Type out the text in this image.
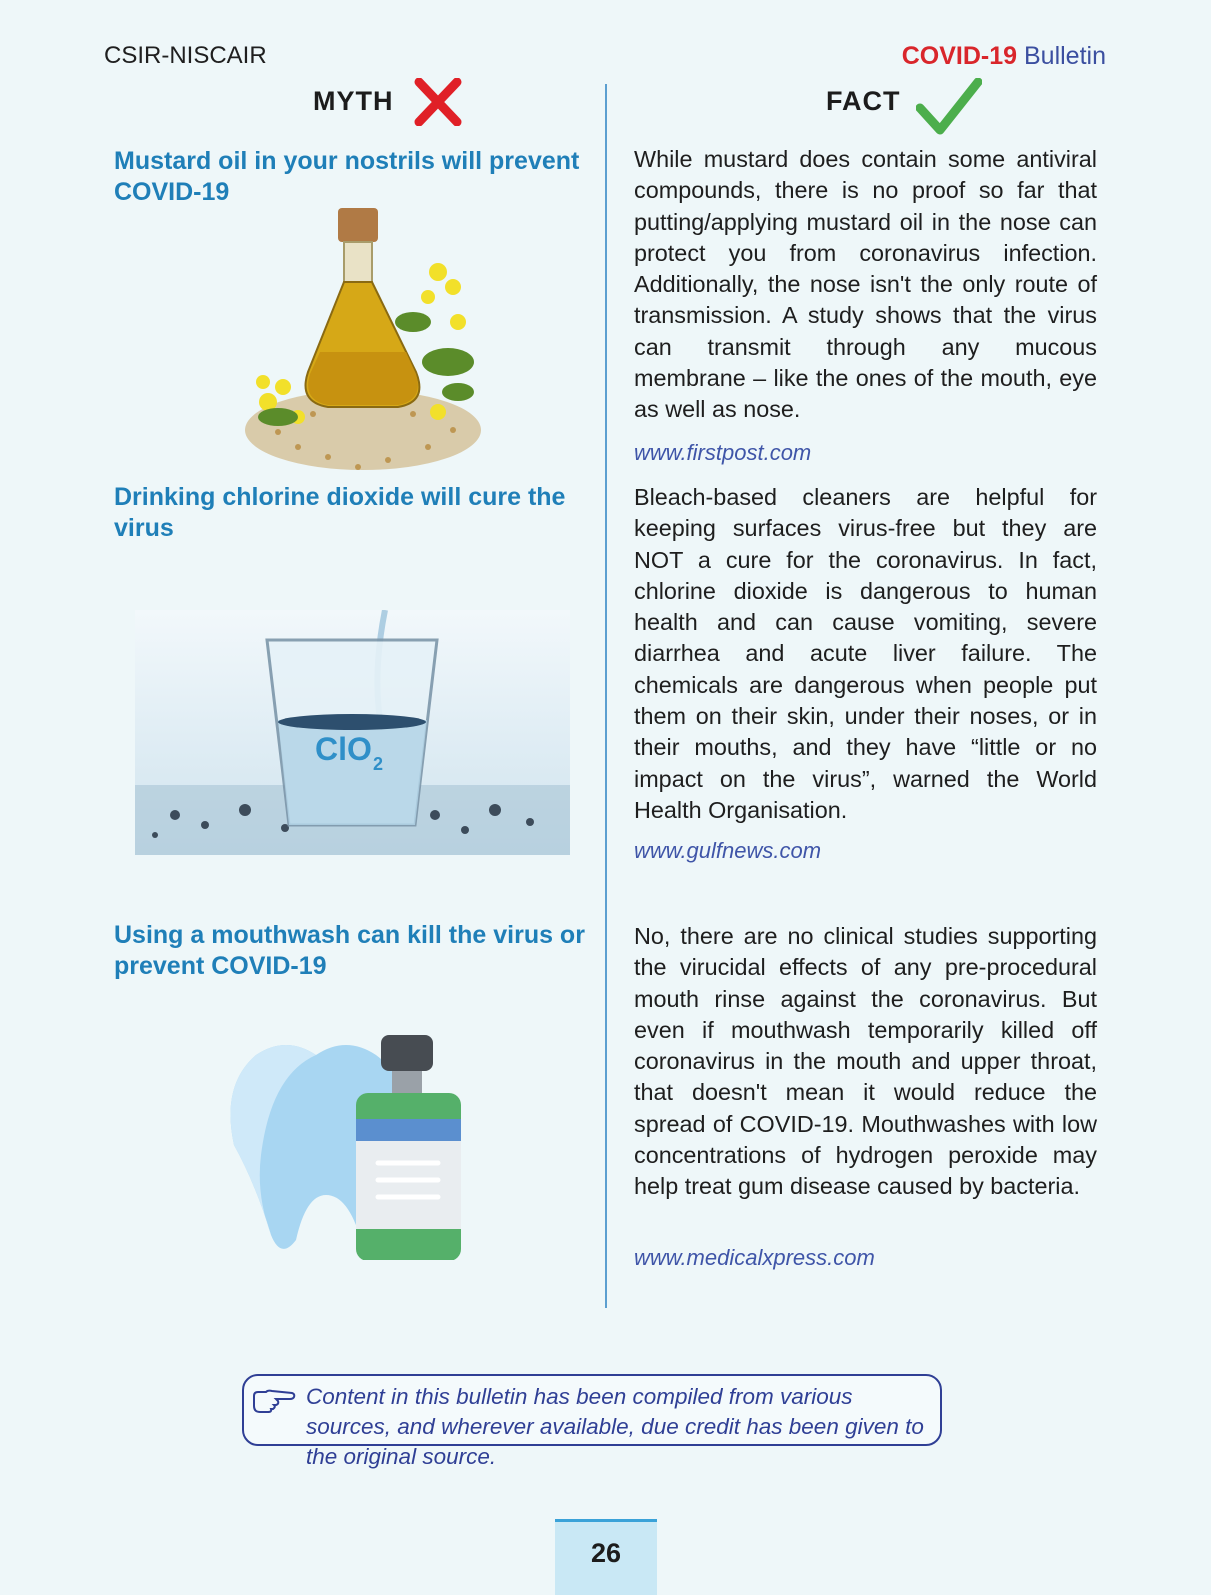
CSIR-NISCAIR	COVID-19 Bulletin
MYTH	FACT
Mustard oil in your nostrils will prevent COVID-19
While mustard does contain some antiviral compounds, there is no proof so far that putting/applying mustard oil in the nose can protect you from coronavirus infection. Additionally, the nose isn't the only route of transmission. A study shows that the virus can transmit through any mucous membrane – like the ones of the mouth, eye as well as nose.
www.firstpost.com
Drinking chlorine dioxide will cure the virus
ClO 2
Bleach-based cleaners are helpful for keeping surfaces virus-free but they are NOT a cure for the coronavirus. In fact, chlorine dioxide is dangerous to human health and can cause vomiting, severe diarrhea and acute liver failure. The chemicals are dangerous when people put them on their skin, under their noses, or in their mouths, and they have “little or no impact on the virus”, warned the World Health Organisation.
www.gulfnews.com
Using a mouthwash can kill the virus or prevent COVID-19
No, there are no clinical studies supporting the virucidal effects of any pre-procedural mouth rinse against the coronavirus. But even if mouthwash temporarily killed off coronavirus in the mouth and upper throat, that doesn't mean it would reduce the spread of COVID-19. Mouthwashes with low concentrations of hydrogen peroxide may help treat gum disease caused by bacteria.
www.medicalxpress.com
Content in this bulletin has been compiled from various sources, and wherever available, due credit has been given to the original source.
26
